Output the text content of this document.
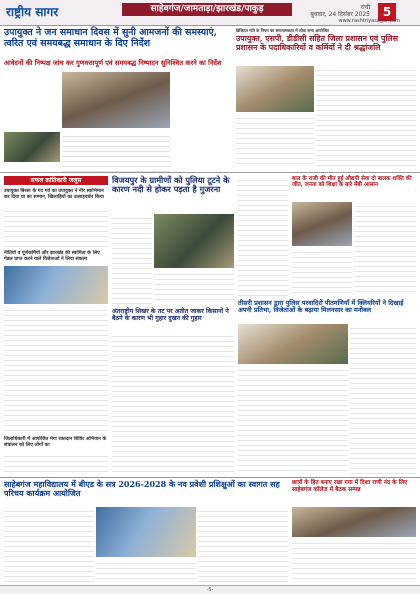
राष्ट्रीय सागर	साहेबगंज/जामताड़ा/झारखंड/पाकुड़	रांची
बुधवार, 24 दिसंबर 2025	5
www.rashtriyasagar.com
उपायुक्त ने जन समाधान दिवस में सुनी आमजनों की समस्याएं, त्वरित एवं समयबद्ध समाधान के दिए निर्देश
आवेदनों की निष्पक्ष जांच कर गुणवत्तापूर्ण एवं समयबद्ध निष्पादन सुनिश्चित करने का निर्देश
डिजिटल गति के नियम का समागत्मकता में लोक सभा आयोजित
उपायुक्त, एसपी, डीडीसी सहित जिला प्रशासन एवं पुलिस प्रशासन के पदाधिकारियों व कर्मियों ने दी श्रद्धांजलि
सफल क्रांतिकारी जलूस
उपायुक्त बिरसा के गद गर्व का उपायुक्त ने नीर स्वाभिमान कर दिया था का सम्मान, खिलाड़ियों का उत्साहवर्धन किया
नीतियों व पूर्णकर्मियों और झारखंड की स्वामित्व के लिए मेडल प्राप्त करने वाले विजेताओं ने लिया संकल्प
जिलाधिकारी में आयोजित मेगा रक्तदान शिविर अभियान के संचालन को लिए लोगों का
विजयपुर के ग्रामीणों को पुलिया टूटने के कारण नदी से होकर पड़ता है गुजरना
अंतराष्ट्रीय शिखर के तट पर अतीत जाकर किसानों ने बैठने के कारण भी गुहार दुखन की गुहार
बाल के राजी की मौत हुई औद्ययी सेवा दो बालक शक्ति की जीत, जनता को शिक्षा के बारे मेंबी आसान
तीसरी प्रशासन द्वारा पुलिस परवादिरों पीतमणियाँ में क्लियरियों ने दिखाई अपनी प्रतिभा, विजेताओं के बढ़ाया मिलनसार का मनोबल
साहेबगंज महाविद्यालय में बीएड के सत्र 2026-2028 के नव प्रवेशी प्रशिक्षुओं का स्वागत सह परिचय कार्यक्रम आयोजित
छात्रों के हित बनाए रखा गया में दिशा राणी नंद के लिए साहेबगंज कॉलेज में बैठक सम्पन्न
-5-
